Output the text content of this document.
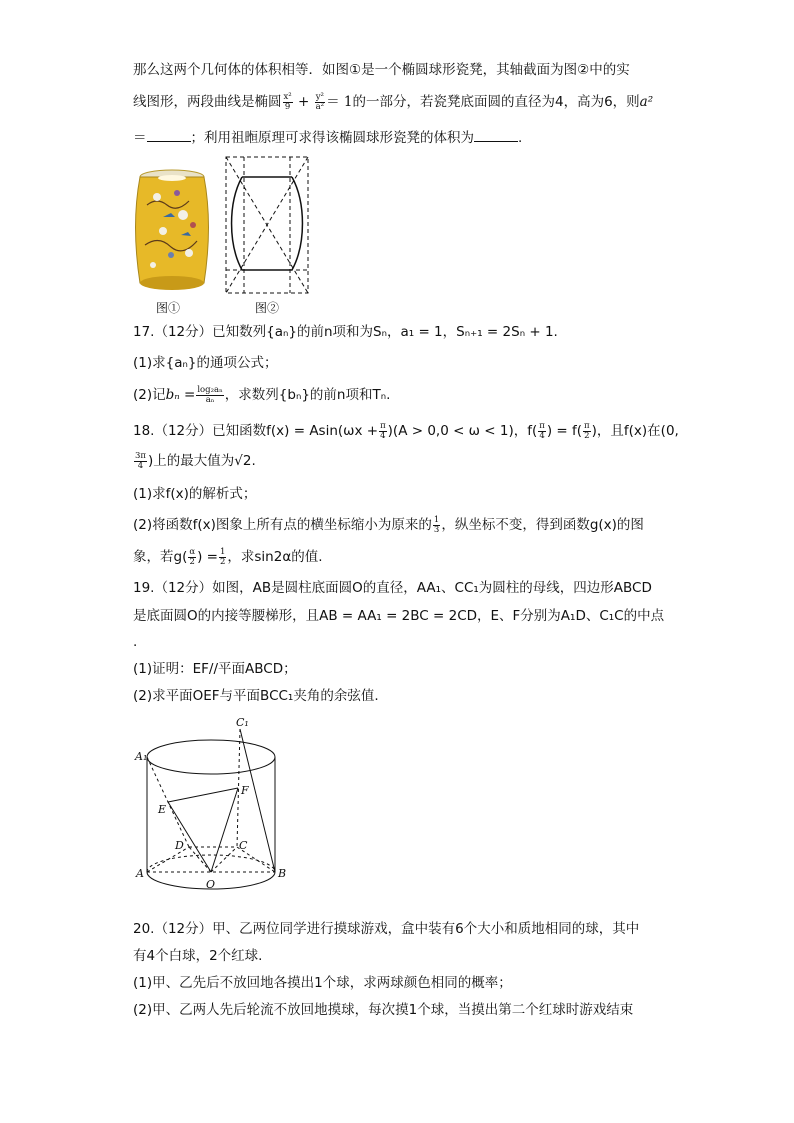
那么这两个几何体的体积相等．如图①是一个椭圆球形瓷凳，其轴截面为图②中的实
线图形，两段曲线是椭圆 $\frac{\text{x²}}{9} + \frac{\text{y²}}{\text{a²}} = 1$的一部分，若瓷凳底面圆的直径为4，高为6，则a²
＝	；利用祖暅原理可求得该椭圆球形瓷凳的体积为	.
图①	图②
17.（12分）已知数列{aₙ}的前n项和为Sₙ，a₁ = 1，Sₙ₊₁ = 2Sₙ + 1.
(1)求{aₙ}的通项公式；
(2)记$b_n = \frac{\text{log₂aₙ}}{\text{aₙ}}$ ，求数列{bₙ}的前n项和Tₙ.
18.（12分）已知函数$f(x) = Asin(\omega x + \frac{\pi}{4} )(A > 0,0 < \omega < 1)$，$f( \frac{\pi}{4}$ ) = $f( \frac{\pi}{2}$ )，且f(x)在(0,
$\frac{3\pi}{4}$ )上的最大值为√2.
(1)求f(x)的解析式；
(2)将函数f(x)图象上所有点的横坐标缩小为原来的 $\frac{1}{3}$ ，纵坐标不变，得到函数g(x)的图
象，若$g( \frac{\alpha}{2}$ ) = $\frac{1}{2}$ ，求sin2α的值.
19.（12分）如图，AB是圆柱底面圆O的直径，AA₁、CC₁为圆柱的母线，四边形ABCD
是底面圆O的内接等腰梯形，且AB = AA₁ = 2BC = 2CD，E、F分别为A₁D、C₁C的中点
.
(1)证明：EF//平面ABCD；
(2)求平面OEF与平面BCC₁夹角的余弦值.
A₁
C₁
E
F
D	C
A	B
O
20.（12分）甲、乙两位同学进行摸球游戏，盒中装有6个大小和质地相同的球，其中
有4个白球，2个红球.
(1)甲、乙先后不放回地各摸出1个球，求两球颜色相同的概率；
(2)甲、乙两人先后轮流不放回地摸球，每次摸1个球，当摸出第二个红球时游戏结束
